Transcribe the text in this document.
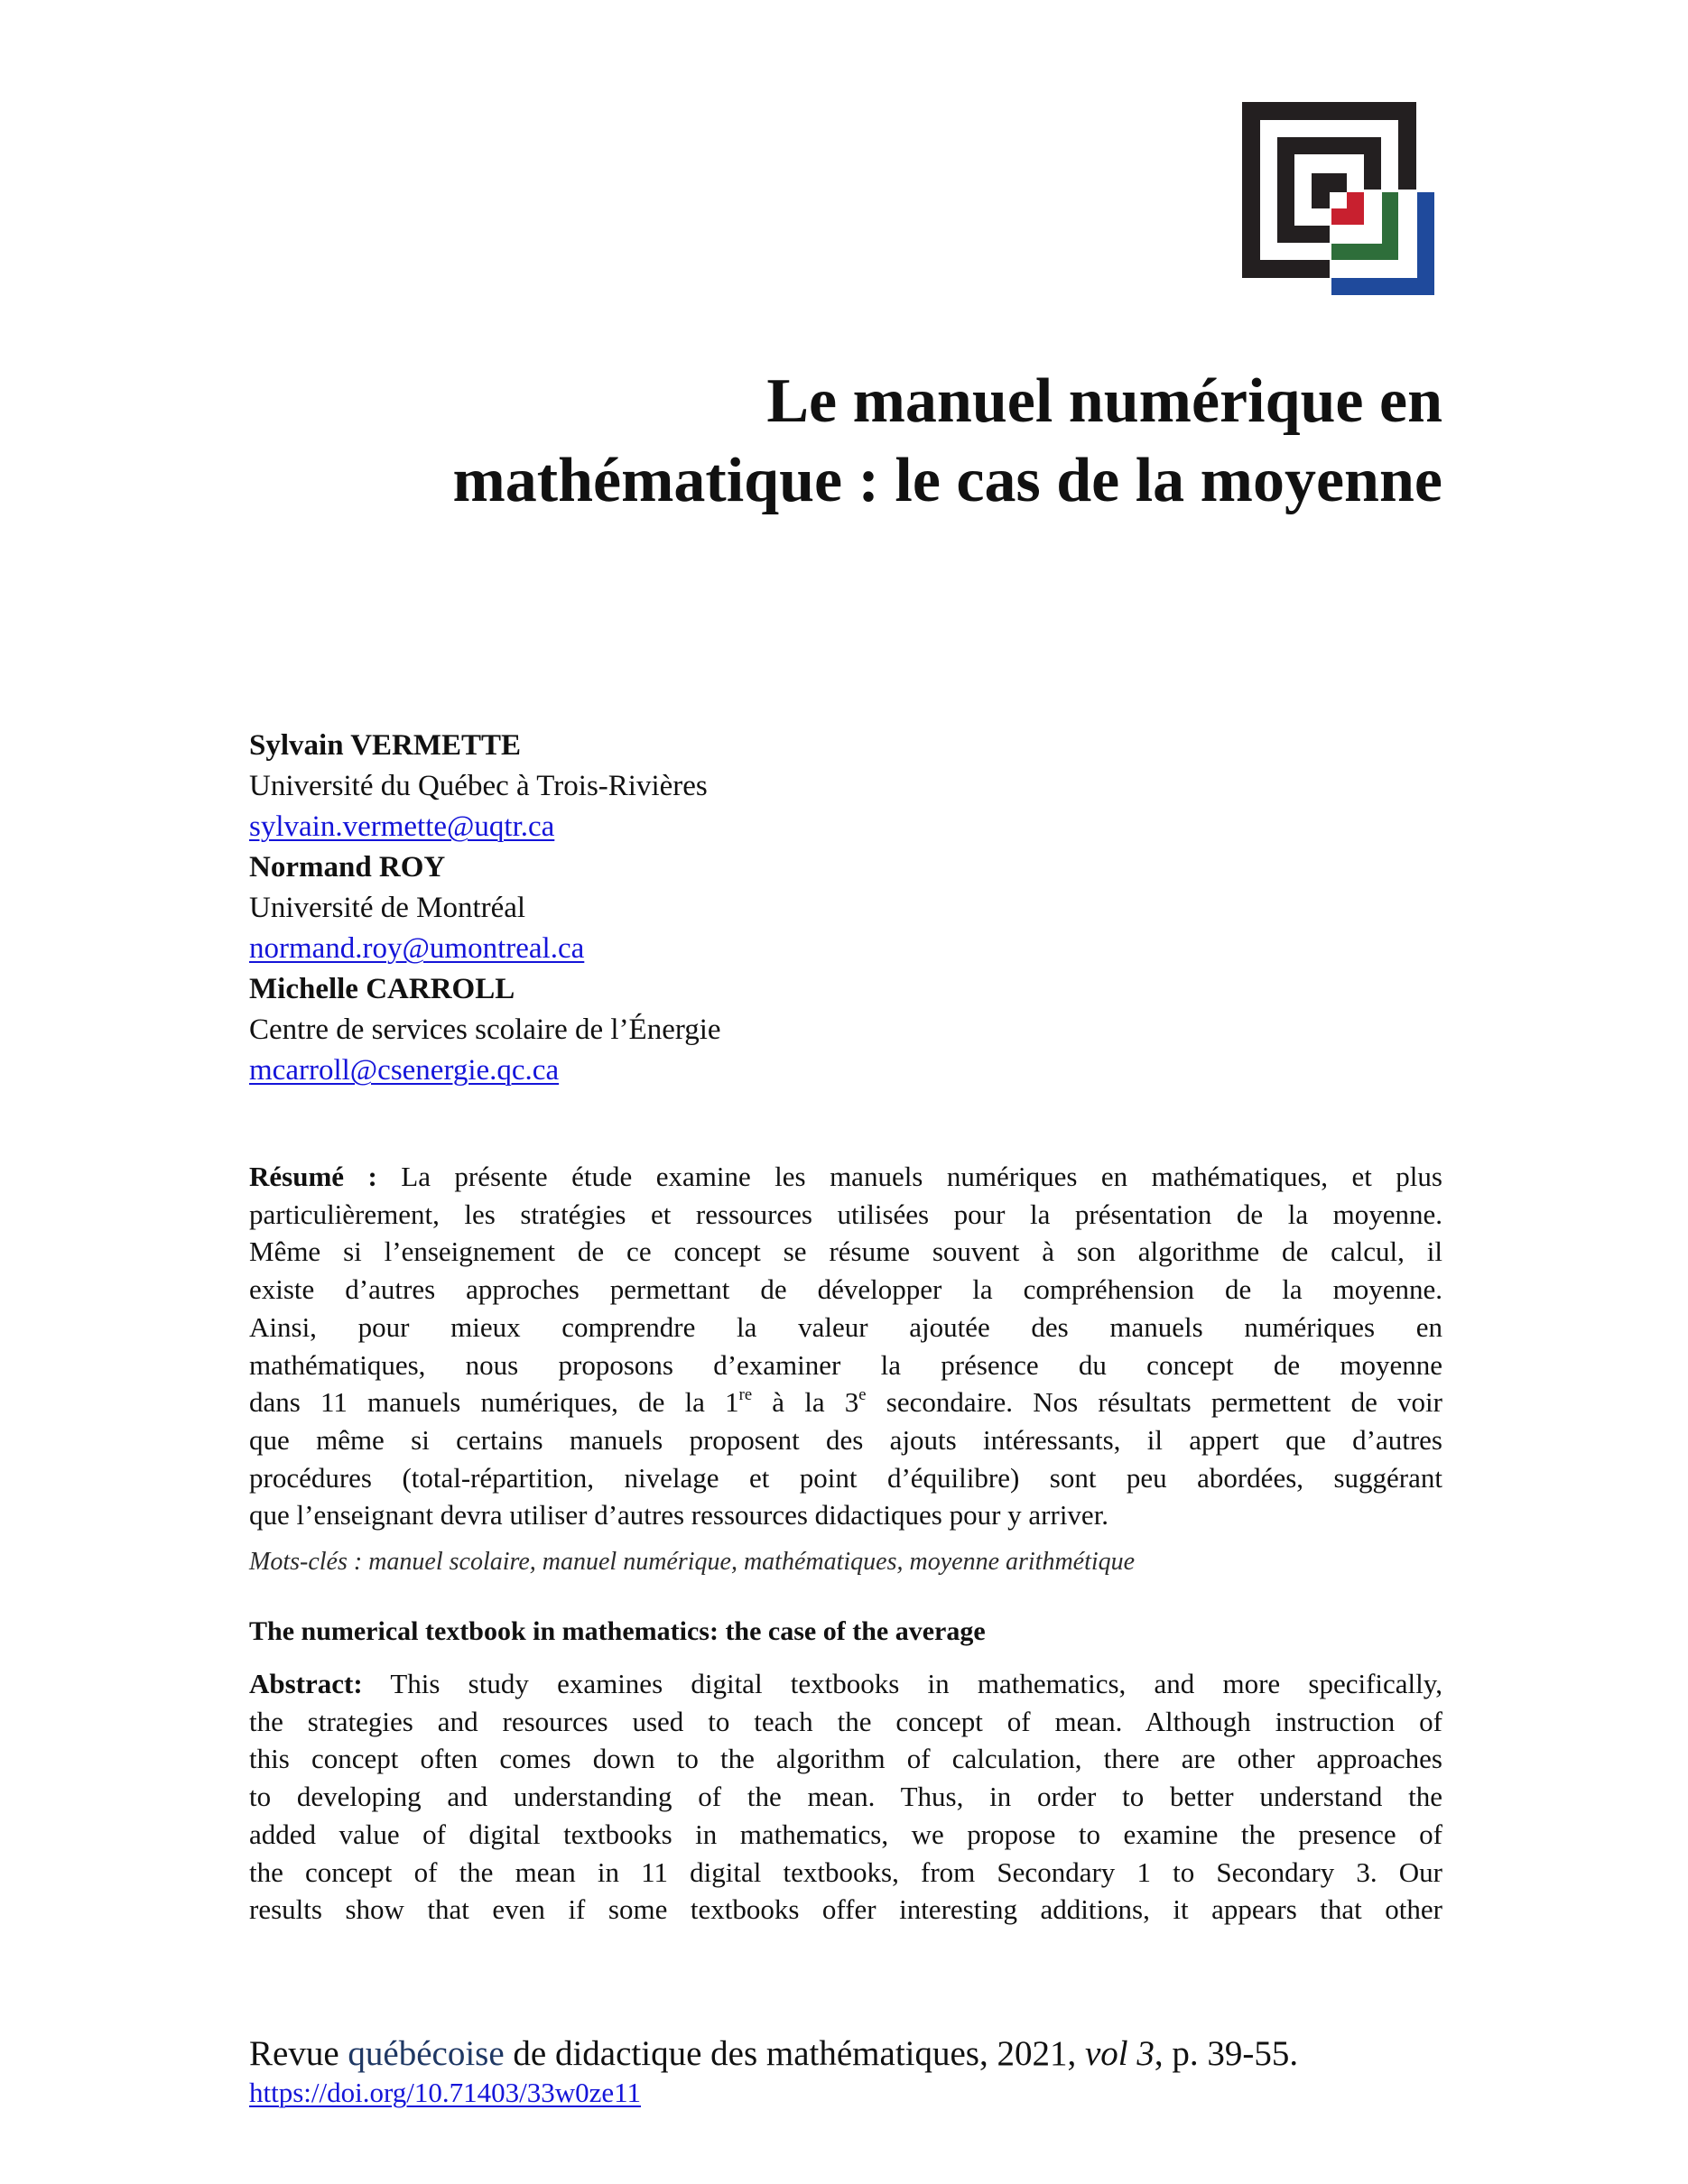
Le manuel numérique en
mathématique : le cas de la moyenne
Sylvain VERMETTE
Université du Québec à Trois-Rivières
sylvain.vermette@uqtr.ca
Normand ROY
Université de Montréal
normand.roy@umontreal.ca
Michelle CARROLL
Centre de services scolaire de l’Énergie
mcarroll@csenergie.qc.ca
Résumé : La présente étude examine les manuels numériques en mathématiques, et plus
particulièrement, les stratégies et ressources utilisées pour la présentation de la moyenne.
Même si l’enseignement de ce concept se résume souvent à son algorithme de calcul, il
existe d’autres approches permettant de développer la compréhension de la moyenne.
Ainsi, pour mieux comprendre la valeur ajoutée des manuels numériques en
mathématiques, nous proposons d’examiner la présence du concept de moyenne
dans 11 manuels numériques, de la 1re à la 3e secondaire. Nos résultats permettent de voir
que même si certains manuels proposent des ajouts intéressants, il appert que d’autres
procédures (total-répartition, nivelage et point d’équilibre) sont peu abordées, suggérant
que l’enseignant devra utiliser d’autres ressources didactiques pour y arriver.
Mots-clés : manuel scolaire, manuel numérique, mathématiques, moyenne arithmétique
The numerical textbook in mathematics: the case of the average
Abstract: This study examines digital textbooks in mathematics, and more specifically,
the strategies and resources used to teach the concept of mean. Although instruction of
this concept often comes down to the algorithm of calculation, there are other approaches
to developing and understanding of the mean. Thus, in order to better understand the
added value of digital textbooks in mathematics, we propose to examine the presence of
the concept of the mean in 11 digital textbooks, from Secondary 1 to Secondary 3. Our
results show that even if some textbooks offer interesting additions, it appears that other
Revue québécoise de didactique des mathématiques, 2021, vol 3, p. 39-55.
https://doi.org/10.71403/33w0ze11
